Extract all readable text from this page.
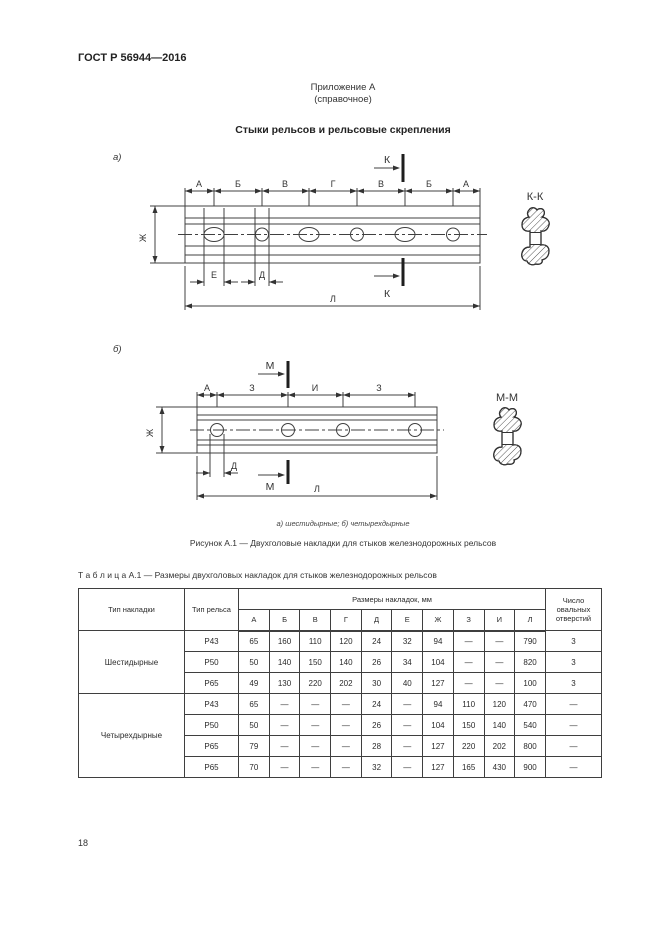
ГОСТ Р 56944—2016
Приложение А
(справочное)
Стыки рельсов и рельсовые скрепления
а)
А	Б	В	Г	В	Б	А
Ж
Е	Д
К
К
Л
К-К
б)
А	З	И	З
Ж
Д
М
М	Л
М-М
а) шестидырные; б) четырехдырные
Рисунок А.1 — Двухголовые накладки для стыков железнодорожных рельсов
Т а б л и ц а А.1 — Размеры двухголовых накладок для стыков железнодорожных рельсов
Тип накладки	Тип рельса	Размеры накладок, мм										Число овальных отверстий
		А	Б	В	Г	Д	Е	Ж	З	И	Л	
Шестидырные	Р43	65	160	110	120	24	32	94	—	—	790	3
	Р50	50	140	150	140	26	34	104	—	—	820	3
	Р65	49	130	220	202	30	40	127	—	—	100	3
Четырехдырные	Р43	65	—	—	—	24	—	94	110	120	470	—
	Р50	50	—	—	—	26	—	104	150	140	540	—
	Р65	79	—	—	—	28	—	127	220	202	800	—
	Р65	70	—	—	—	32	—	127	165	430	900	—
18
